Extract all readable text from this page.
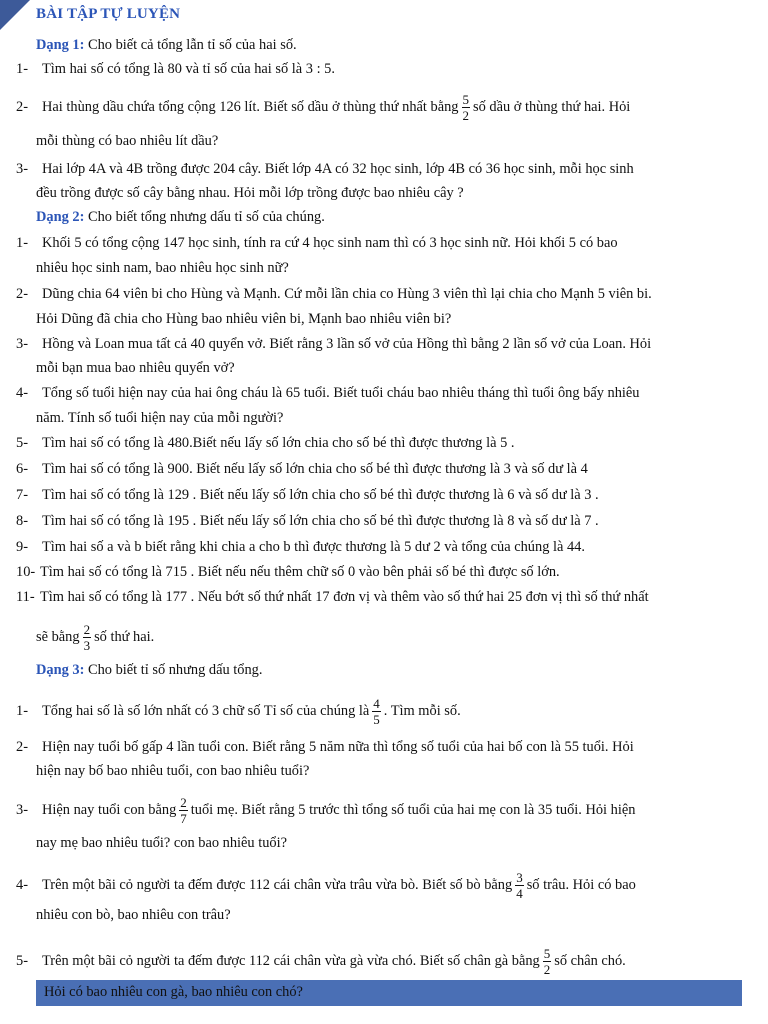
BÀI TẬP TỰ LUYỆN
Dạng 1: Cho biết cả tổng lẫn tỉ số của hai số.
1- Tìm hai số có tổng là 80 và tỉ số của hai số là 3 : 5.
2- Hai thùng dầu chứa tổng cộng 126 lít. Biết số dầu ở thùng thứ nhất bằng $\frac{5}{2}$ số dầu ở thùng thứ hai. Hỏi
mỗi thùng có bao nhiêu lít dầu?
3- Hai lớp 4A và 4B trồng được 204 cây. Biết lớp 4A có 32 học sinh, lớp 4B có 36 học sinh, mỗi học sinh
đều trồng được số cây bằng nhau. Hỏi mỗi lớp trồng được bao nhiêu cây ?
Dạng 2: Cho biết tổng nhưng dấu tỉ số của chúng.
1- Khối 5 có tổng cộng 147 học sinh, tính ra cứ 4 học sinh nam thì có 3 học sinh nữ. Hỏi khối 5 có bao
nhiêu học sinh nam, bao nhiêu học sinh nữ?
2- Dũng chia 64 viên bi cho Hùng và Mạnh. Cứ mỗi lần chia co Hùng 3 viên thì lại chia cho Mạnh 5 viên bi.
Hỏi Dũng đã chia cho Hùng bao nhiêu viên bi, Mạnh bao nhiêu viên bi?
3- Hồng và Loan mua tất cả 40 quyển vở. Biết rằng 3 lần số vở của Hồng thì bằng 2 lần số vở của Loan. Hỏi
mỗi bạn mua bao nhiêu quyển vở?
4- Tổng số tuổi hiện nay của hai ông cháu là 65 tuổi. Biết tuổi cháu bao nhiêu tháng thì tuổi ông bấy nhiêu
năm. Tính số tuổi hiện nay của mỗi người?
5- Tìm hai số có tổng là 480.Biết nếu lấy số lớn chia cho số bé thì được thương là 5 .
6- Tìm hai số có tổng là 900. Biết nếu lấy số lớn chia cho số bé thì được thương là 3 và số dư là 4
7- Tìm hai số có tổng là 129 . Biết nếu lấy số lớn chia cho số bé thì được thương là 6 và số dư là 3 .
8- Tìm hai số có tổng là 195 . Biết nếu lấy số lớn chia cho số bé thì được thương là 8 và số dư là 7 .
9- Tìm hai số a và b biết rằng khi chia a cho b thì được thương là 5 dư 2 và tổng của chúng là 44.
10- Tìm hai số có tổng là 715 . Biết nếu nếu thêm chữ số 0 vào bên phải số bé thì được số lớn.
11- Tìm hai số có tổng là 177 . Nếu bớt số thứ nhất 17 đơn vị và thêm vào số thứ hai 25 đơn vị thì số thứ nhất
sẽ bằng $\frac{2}{3}$ số thứ hai.
Dạng 3: Cho biết tỉ số nhưng dấu tổng.
1- Tổng hai số là số lớn nhất có 3 chữ số Tỉ số của chúng là $\frac{4}{5}$ . Tìm mỗi số.
2- Hiện nay tuổi bố gấp 4 lần tuổi con. Biết rằng 5 năm nữa thì tổng số tuổi của hai bố con là 55 tuổi. Hỏi
hiện nay bố bao nhiêu tuổi, con bao nhiêu tuổi?
3- Hiện nay tuổi con bằng $\frac{2}{7}$ tuổi mẹ. Biết rằng 5 trước thì tổng số tuổi của hai mẹ con là 35 tuổi. Hỏi hiện
nay mẹ bao nhiêu tuổi? con bao nhiêu tuổi?
4- Trên một bãi cỏ người ta đếm được 112 cái chân vừa trâu vừa bò. Biết số bò bằng $\frac{3}{4}$ số trâu. Hỏi có bao
nhiêu con bò, bao nhiêu con trâu?
5- Trên một bãi cỏ người ta đếm được 112 cái chân vừa gà vừa chó. Biết số chân gà bằng $\frac{5}{2}$ số chân chó.
Hỏi có bao nhiêu con gà, bao nhiêu con chó?
